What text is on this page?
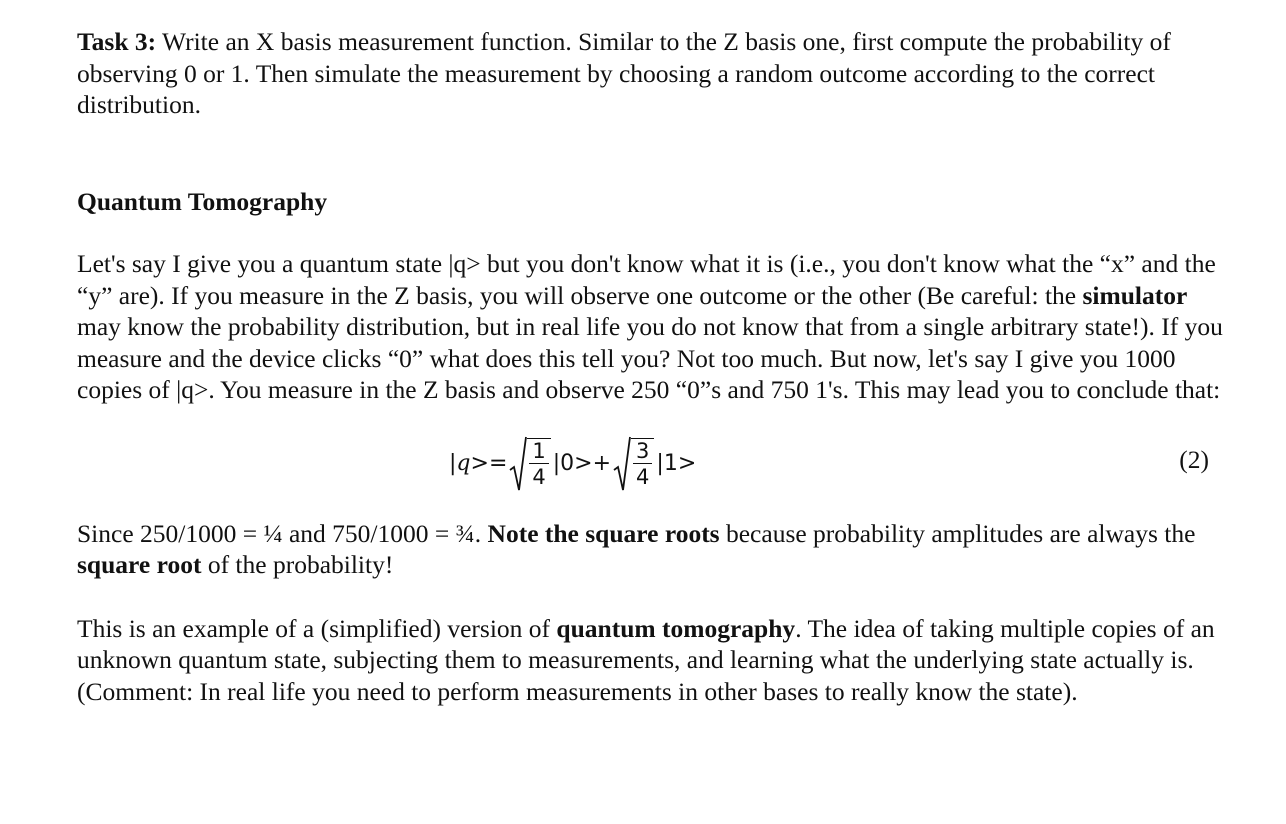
Task 3: Write an X basis measurement function. Similar to the Z basis one, first compute the probability of observing 0 or 1. Then simulate the measurement by choosing a random outcome according to the correct distribution.

Quantum Tomography

Let's say I give you a quantum state |q> but you don't know what it is (i.e., you don't know what the “x” and the “y” are). If you measure in the Z basis, you will observe one outcome or the other (Be careful: the simulator may know the probability distribution, but in real life you do not know that from a single arbitrary state!). If you measure and the device clicks “0” what does this tell you? Not too much. But now, let's say I give you 1000 copies of |q>. You measure in the Z basis and observe 250 “0”s and 750 1's. This may lead you to conclude that:

| $q >= \frac{1}{4} |0>+ \frac{3}{4} |1>$	(2)

Since 250/1000 = ¼ and 750/1000 = ¾. Note the square roots because probability amplitudes are always the square root of the probability!

This is an example of a (simplified) version of quantum tomography. The idea of taking multiple copies of an unknown quantum state, subjecting them to measurements, and learning what the underlying state actually is. (Comment: In real life you need to perform measurements in other bases to really know the state).
